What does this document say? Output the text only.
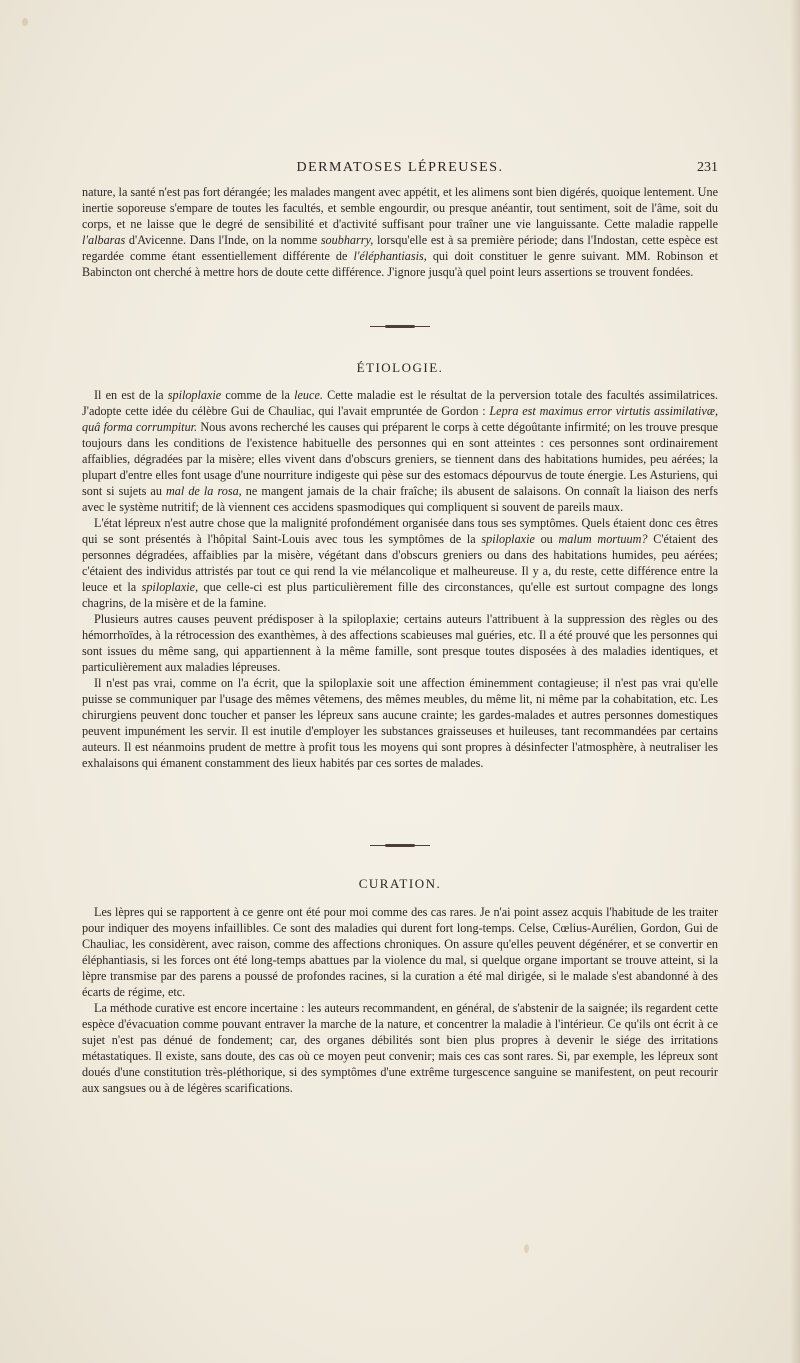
DERMATOSES LÉPREUSES.	231

nature, la santé n'est pas fort dérangée; les malades mangent avec appétit, et les alimens sont bien digérés, quoique lentement. Une inertie soporeuse s'empare de toutes les facultés, et semble engourdir, ou presque anéantir, tout sentiment, soit de l'âme, soit du corps, et ne laisse que le degré de sensibilité et d'activité suffisant pour traîner une vie languissante. Cette maladie rappelle l'albaras d'Avicenne. Dans l'Inde, on la nomme soubharry, lorsqu'elle est à sa première période; dans l'Indostan, cette espèce est regardée comme étant essentiellement différente de l'éléphantiasis, qui doit constituer le genre suivant. MM. Robinson et Babincton ont cherché à mettre hors de doute cette différence. J'ignore jusqu'à quel point leurs assertions se trouvent fondées.

ÉTIOLOGIE.

Il en est de la spiloplaxie comme de la leuce. Cette maladie est le résultat de la perversion totale des facultés assimilatrices. J'adopte cette idée du célèbre Gui de Chauliac, qui l'avait empruntée de Gordon : Lepra est maximus error virtutis assimilativæ, quâ forma corrumpitur. Nous avons recherché les causes qui préparent le corps à cette dégoûtante infirmité; on les trouve presque toujours dans les conditions de l'existence habituelle des personnes qui en sont atteintes : ces personnes sont ordinairement affaiblies, dégradées par la misère; elles vivent dans d'obscurs greniers, se tiennent dans des habitations humides, peu aérées; la plupart d'entre elles font usage d'une nourriture indigeste qui pèse sur des estomacs dépourvus de toute énergie. Les Asturiens, qui sont si sujets au mal de la rosa, ne mangent jamais de la chair fraîche; ils abusent de salaisons. On connaît la liaison des nerfs avec le système nutritif; de là viennent ces accidens spasmodiques qui compliquent si souvent de pareils maux.

L'état lépreux n'est autre chose que la malignité profondément organisée dans tous ses symptômes. Quels étaient donc ces êtres qui se sont présentés à l'hôpital Saint-Louis avec tous les symptômes de la spiloplaxie ou malum mortuum? C'étaient des personnes dégradées, affaiblies par la misère, végétant dans d'obscurs greniers ou dans des habitations humides, peu aérées; c'étaient des individus attristés par tout ce qui rend la vie mélancolique et malheureuse. Il y a, du reste, cette différence entre la leuce et la spiloplaxie, que celle-ci est plus particulièrement fille des circonstances, qu'elle est surtout compagne des longs chagrins, de la misère et de la famine.

Plusieurs autres causes peuvent prédisposer à la spiloplaxie; certains auteurs l'attribuent à la suppression des règles ou des hémorrhoïdes, à la rétrocession des exanthèmes, à des affections scabieuses mal guéries, etc. Il a été prouvé que les personnes qui sont issues du même sang, qui appartiennent à la même famille, sont presque toutes disposées à des maladies identiques, et particulièrement aux maladies lépreuses.

Il n'est pas vrai, comme on l'a écrit, que la spiloplaxie soit une affection éminemment contagieuse; il n'est pas vrai qu'elle puisse se communiquer par l'usage des mêmes vêtemens, des mêmes meubles, du même lit, ni même par la cohabitation, etc. Les chirurgiens peuvent donc toucher et panser les lépreux sans aucune crainte; les gardes-malades et autres personnes domestiques peuvent impunément les servir. Il est inutile d'employer les substances graisseuses et huileuses, tant recommandées par certains auteurs. Il est néanmoins prudent de mettre à profit tous les moyens qui sont propres à désinfecter l'atmosphère, à neutraliser les exhalaisons qui émanent constamment des lieux habités par ces sortes de malades.

CURATION.

Les lèpres qui se rapportent à ce genre ont été pour moi comme des cas rares. Je n'ai point assez acquis l'habitude de les traiter pour indiquer des moyens infaillibles. Ce sont des maladies qui durent fort long-temps. Celse, Cœlius-Aurélien, Gordon, Gui de Chauliac, les considèrent, avec raison, comme des affections chroniques. On assure qu'elles peuvent dégénérer, et se convertir en éléphantiasis, si les forces ont été long-temps abattues par la violence du mal, si quelque organe important se trouve atteint, si la lèpre transmise par des parens a poussé de profondes racines, si la curation a été mal dirigée, si le malade s'est abandonné à des écarts de régime, etc.

La méthode curative est encore incertaine : les auteurs recommandent, en général, de s'abstenir de la saignée; ils regardent cette espèce d'évacuation comme pouvant entraver la marche de la nature, et concentrer la maladie à l'intérieur. Ce qu'ils ont écrit à ce sujet n'est pas dénué de fondement; car, des organes débilités sont bien plus propres à devenir le siége des irritations métastatiques. Il existe, sans doute, des cas où ce moyen peut convenir; mais ces cas sont rares. Si, par exemple, les lépreux sont doués d'une constitution très-pléthorique, si des symptômes d'une extrême turgescence sanguine se manifestent, on peut recourir aux sangsues ou à de légères scarifications.
